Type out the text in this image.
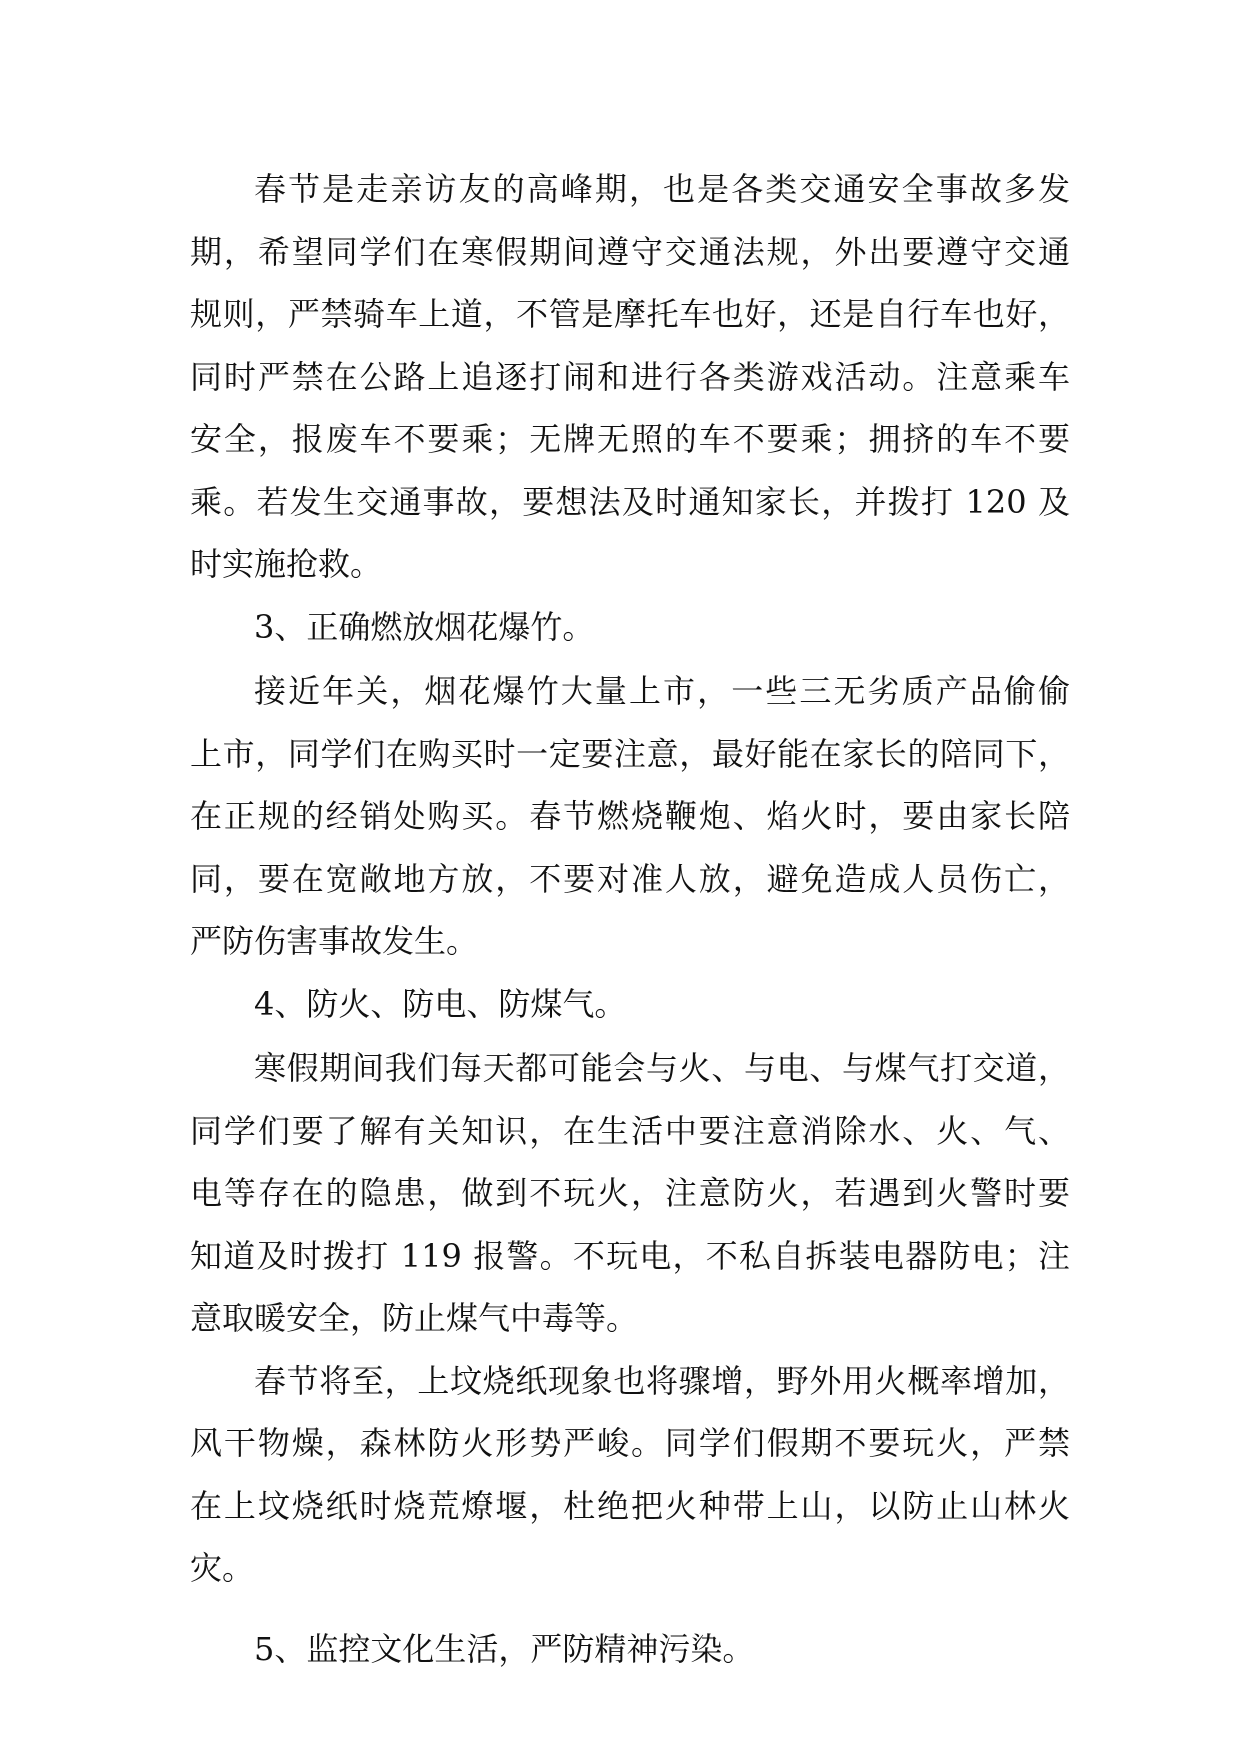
春节是走亲访友的高峰期，也是各类交通安全事故多发
期，希望同学们在寒假期间遵守交通法规，外出要遵守交通
规则，严禁骑车上道，不管是摩托车也好，还是自行车也好，
同时严禁在公路上追逐打闹和进行各类游戏活动。注意乘车
安全，报废车不要乘；无牌无照的车不要乘；拥挤的车不要
乘。若发生交通事故，要想法及时通知家长，并拨打 120 及
时实施抢救。
3、正确燃放烟花爆竹。
接近年关，烟花爆竹大量上市，一些三无劣质产品偷偷
上市，同学们在购买时一定要注意，最好能在家长的陪同下，
在正规的经销处购买。春节燃烧鞭炮、焰火时，要由家长陪
同，要在宽敞地方放，不要对准人放，避免造成人员伤亡，
严防伤害事故发生。
4、防火、防电、防煤气。
寒假期间我们每天都可能会与火、与电、与煤气打交道，
同学们要了解有关知识，在生活中要注意消除水、火、气、
电等存在的隐患，做到不玩火，注意防火，若遇到火警时要
知道及时拨打 119 报警。不玩电，不私自拆装电器防电；注
意取暖安全，防止煤气中毒等。
春节将至，上坟烧纸现象也将骤增，野外用火概率增加，
风干物燥，森林防火形势严峻。同学们假期不要玩火，严禁
在上坟烧纸时烧荒燎堰，杜绝把火种带上山，以防止山林火
灾。
5、监控文化生活，严防精神污染。
